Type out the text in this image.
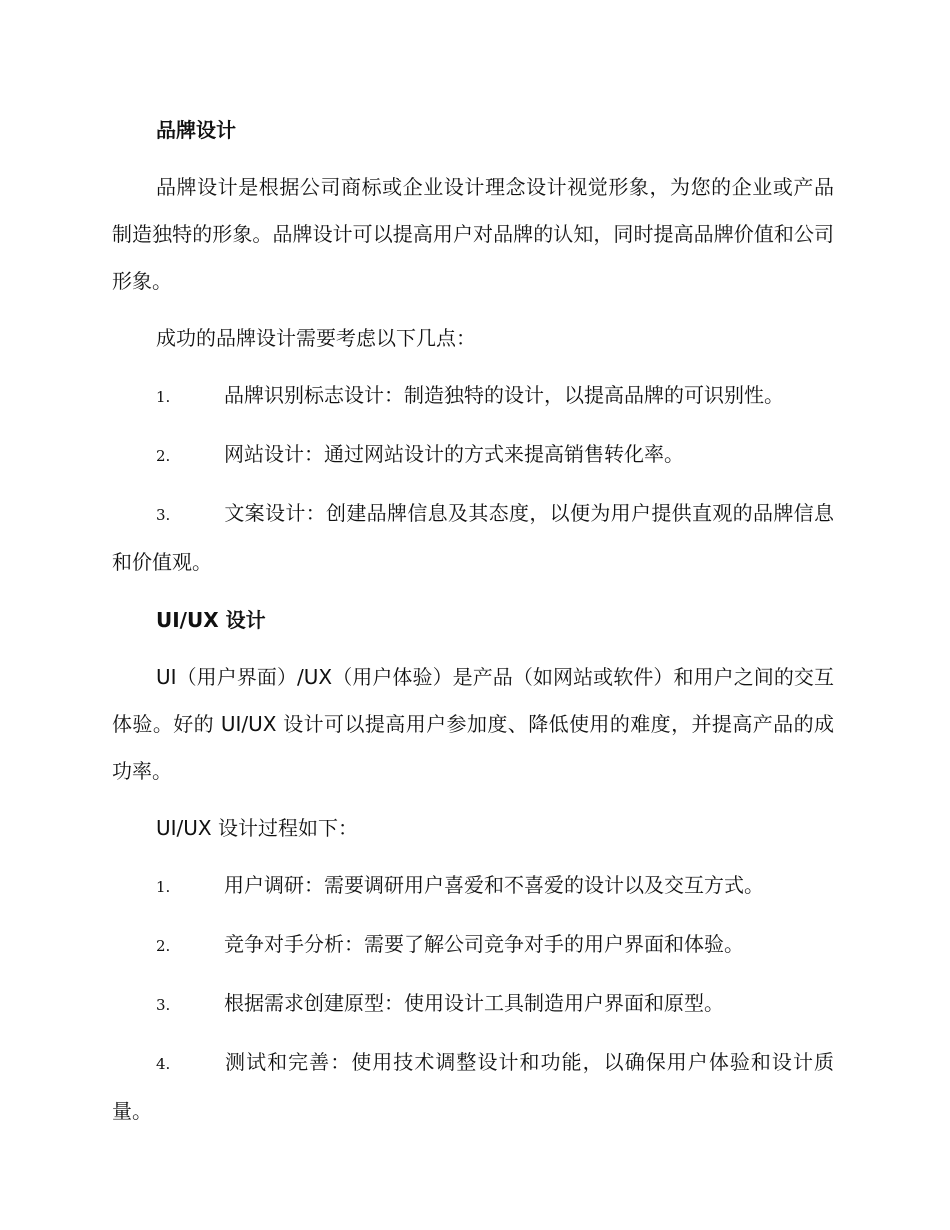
品牌设计
品牌设计是根据公司商标或企业设计理念设计视觉形象，为您的企业或产品制造独特的形象。品牌设计可以提高用户对品牌的认知，同时提高品牌价值和公司形象。
成功的品牌设计需要考虑以下几点：
1.	品牌识别标志设计：制造独特的设计，以提高品牌的可识别性。
2.	网站设计：通过网站设计的方式来提高销售转化率。
3.	文案设计：创建品牌信息及其态度，以便为用户提供直观的品牌信息和价值观。
UI/UX 设计
UI（用户界面）/UX（用户体验）是产品（如网站或软件）和用户之间的交互体验。好的 UI/UX 设计可以提高用户参加度、降低使用的难度，并提高产品的成功率。
UI/UX 设计过程如下：
1.	用户调研：需要调研用户喜爱和不喜爱的设计以及交互方式。
2.	竞争对手分析：需要了解公司竞争对手的用户界面和体验。
3.	根据需求创建原型：使用设计工具制造用户界面和原型。
4.	测试和完善：使用技术调整设计和功能，以确保用户体验和设计质量。
